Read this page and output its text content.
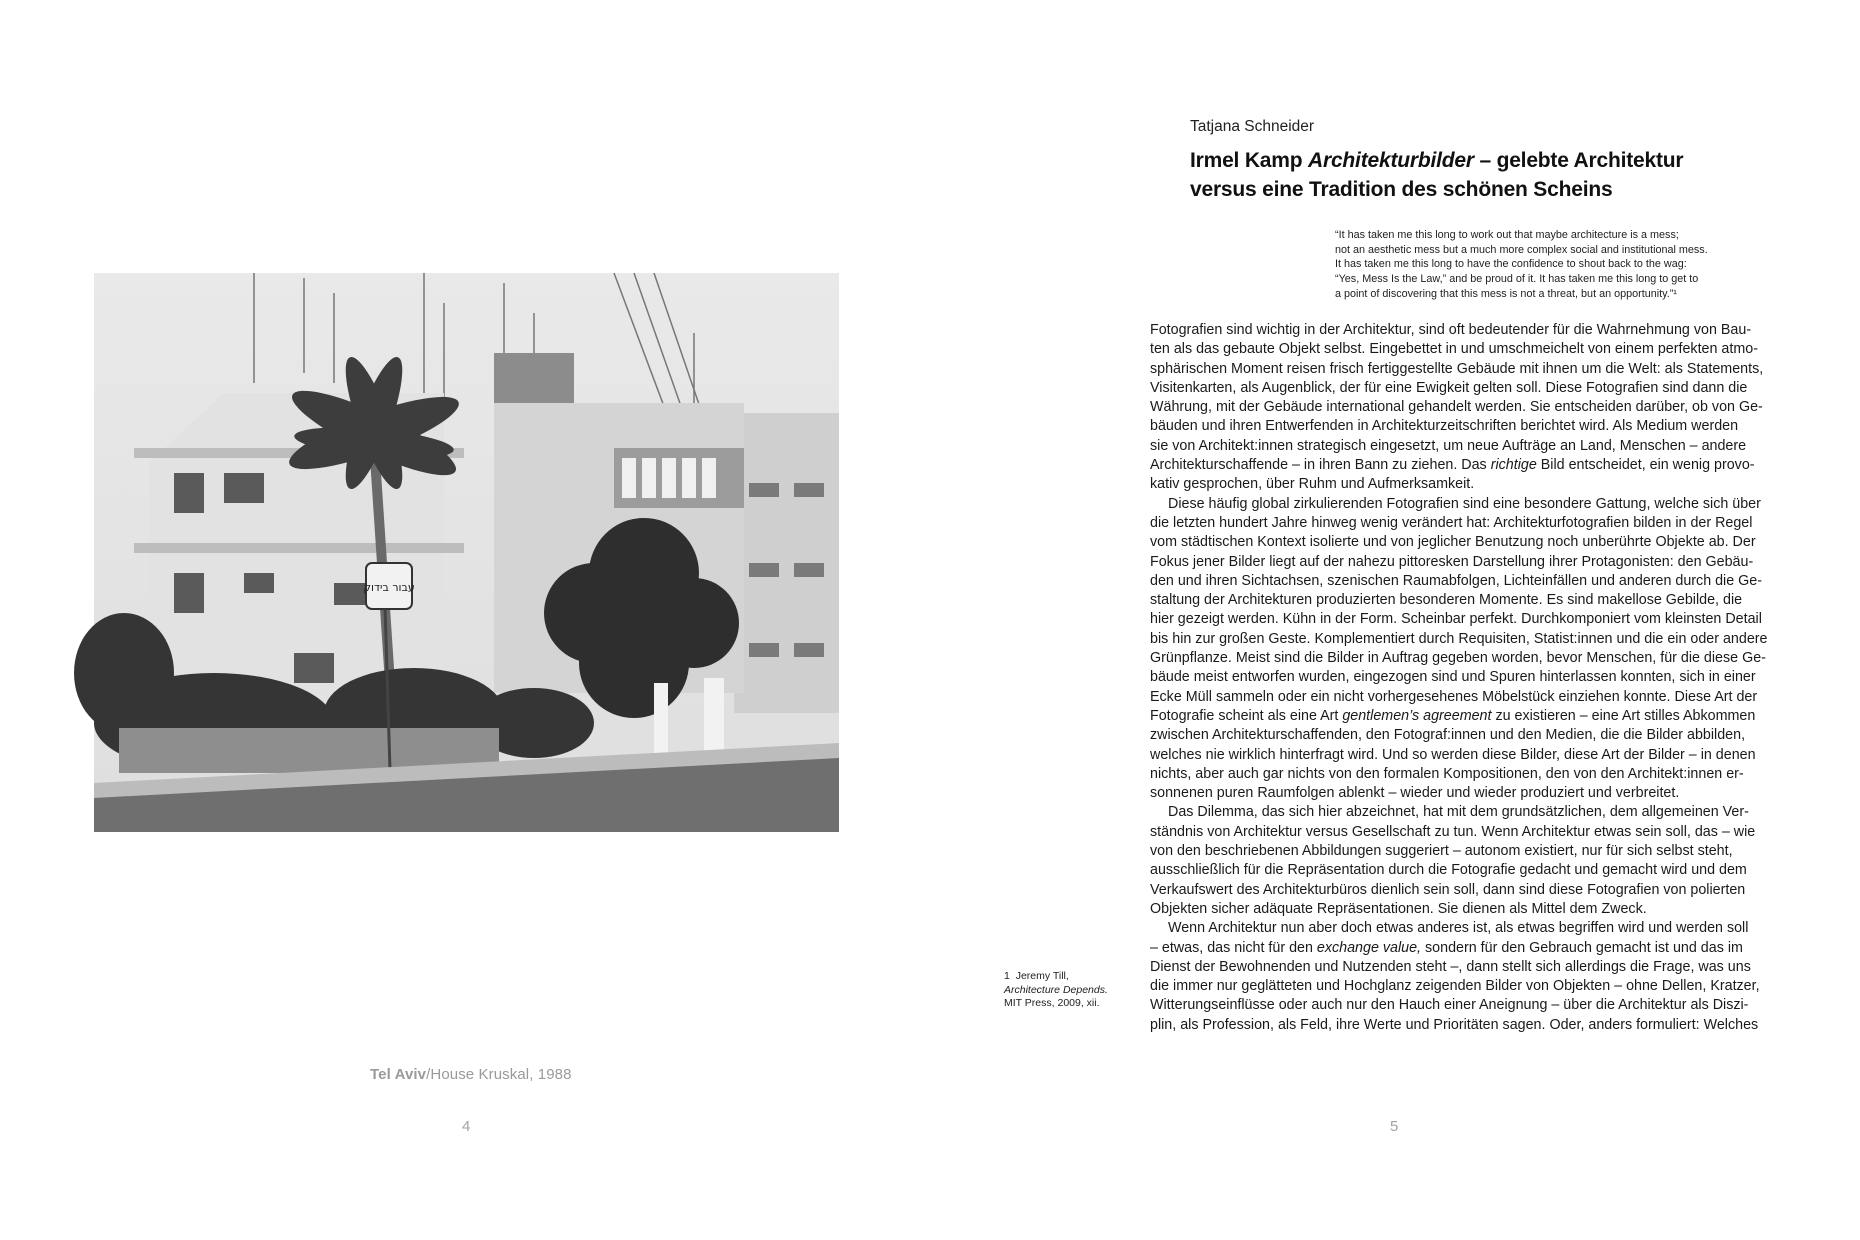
עבור בידוק
Tel Aviv/House Kruskal, 1988
4
Tatjana Schneider
Irmel Kamp Architekturbilder – gelebte Architektur versus eine Tradition des schönen Scheins
“It has taken me this long to work out that maybe architecture is a mess;
not an aesthetic mess but a much more complex social and institutional mess.
It has taken me this long to have the confidence to shout back to the wag:
“Yes, Mess Is the Law,” and be proud of it. It has taken me this long to get to
a point of discovering that this mess is not a threat, but an opportunity.”¹
1 Jeremy Till,
Architecture Depends.
MIT Press, 2009, xii.
Fotografien sind wichtig in der Architektur, sind oft bedeutender für die Wahrnehmung von Bau-
ten als das gebaute Objekt selbst. Eingebettet in und umschmeichelt von einem perfekten atmo-
sphärischen Moment reisen frisch fertiggestellte Gebäude mit ihnen um die Welt: als Statements,
Visitenkarten, als Augenblick, der für eine Ewigkeit gelten soll. Diese Fotografien sind dann die
Währung, mit der Gebäude international gehandelt werden. Sie entscheiden darüber, ob von Ge-
bäuden und ihren Entwerfenden in Architekturzeitschriften berichtet wird. Als Medium werden
sie von Architekt:innen strategisch eingesetzt, um neue Aufträge an Land, Menschen – andere
Architekturschaffende – in ihren Bann zu ziehen. Das richtige Bild entscheidet, ein wenig provo-
kativ gesprochen, über Ruhm und Aufmerksamkeit.
Diese häufig global zirkulierenden Fotografien sind eine besondere Gattung, welche sich über
die letzten hundert Jahre hinweg wenig verändert hat: Architekturfotografien bilden in der Regel
vom städtischen Kontext isolierte und von jeglicher Benutzung noch unberührte Objekte ab. Der
Fokus jener Bilder liegt auf der nahezu pittoresken Darstellung ihrer Protagonisten: den Gebäu-
den und ihren Sichtachsen, szenischen Raumabfolgen, Lichteinfällen und anderen durch die Ge-
staltung der Architekturen produzierten besonderen Momente. Es sind makellose Gebilde, die
hier gezeigt werden. Kühn in der Form. Scheinbar perfekt. Durchkomponiert vom kleinsten Detail
bis hin zur großen Geste. Komplementiert durch Requisiten, Statist:innen und die ein oder andere
Grünpflanze. Meist sind die Bilder in Auftrag gegeben worden, bevor Menschen, für die diese Ge-
bäude meist entworfen wurden, eingezogen sind und Spuren hinterlassen konnten, sich in einer
Ecke Müll sammeln oder ein nicht vorhergesehenes Möbelstück einziehen konnte. Diese Art der
Fotografie scheint als eine Art gentlemen’s agreement zu existieren – eine Art stilles Abkommen
zwischen Architekturschaffenden, den Fotograf:innen und den Medien, die die Bilder abbilden,
welches nie wirklich hinterfragt wird. Und so werden diese Bilder, diese Art der Bilder – in denen
nichts, aber auch gar nichts von den formalen Kompositionen, den von den Architekt:innen er-
sonnenen puren Raumfolgen ablenkt – wieder und wieder produziert und verbreitet.
Das Dilemma, das sich hier abzeichnet, hat mit dem grundsätzlichen, dem allgemeinen Ver-
ständnis von Architektur versus Gesellschaft zu tun. Wenn Architektur etwas sein soll, das – wie
von den beschriebenen Abbildungen suggeriert – autonom existiert, nur für sich selbst steht,
ausschließlich für die Repräsentation durch die Fotografie gedacht und gemacht wird und dem
Verkaufswert des Architekturbüros dienlich sein soll, dann sind diese Fotografien von polierten
Objekten sicher adäquate Repräsentationen. Sie dienen als Mittel dem Zweck.
Wenn Architektur nun aber doch etwas anderes ist, als etwas begriffen wird und werden soll
– etwas, das nicht für den exchange value, sondern für den Gebrauch gemacht ist und das im
Dienst der Bewohnenden und Nutzenden steht –, dann stellt sich allerdings die Frage, was uns
die immer nur geglätteten und Hochglanz zeigenden Bilder von Objekten – ohne Dellen, Kratzer,
Witterungseinflüsse oder auch nur den Hauch einer Aneignung – über die Architektur als Diszi-
plin, als Profession, als Feld, ihre Werte und Prioritäten sagen. Oder, anders formuliert: Welches
5
